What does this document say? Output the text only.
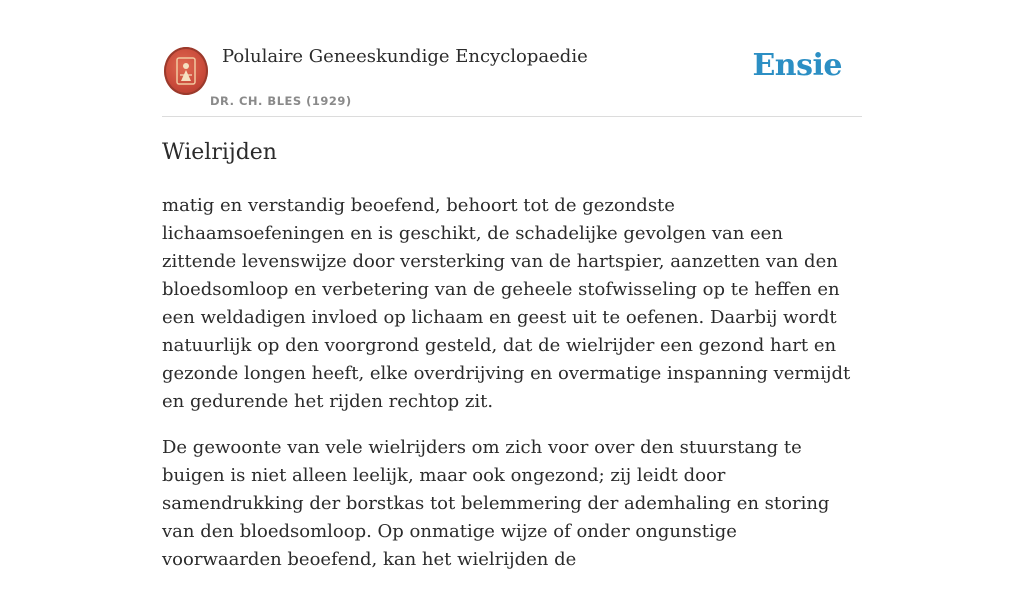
Polulaire Geneeskundige Encyclopaedie
DR. CH. BLES (1929)
Ensie
Wielrijden

matig en verstandig beoefend, behoort tot de gezondste lichaamsoefeningen en is geschikt, de schadelijke gevolgen van een zittende levenswijze door versterking van de hartspier, aanzetten van den bloedsomloop en verbetering van de geheele stofwisseling op te heffen en een weldadigen invloed op lichaam en geest uit te oefenen. Daarbij wordt natuurlijk op den voorgrond gesteld, dat de wielrijder een gezond hart en gezonde longen heeft, elke overdrijving en overmatige inspanning vermijdt en gedurende het rijden rechtop zit.

De gewoonte van vele wielrijders om zich voor over den stuurstang te buigen is niet alleen leelijk, maar ook ongezond; zij leidt door samendrukking der borstkas tot belemmering der ademhaling en storing van den bloedsomloop. Op onmatige wijze of onder ongunstige voorwaarden beoefend, kan het wielrijden de
